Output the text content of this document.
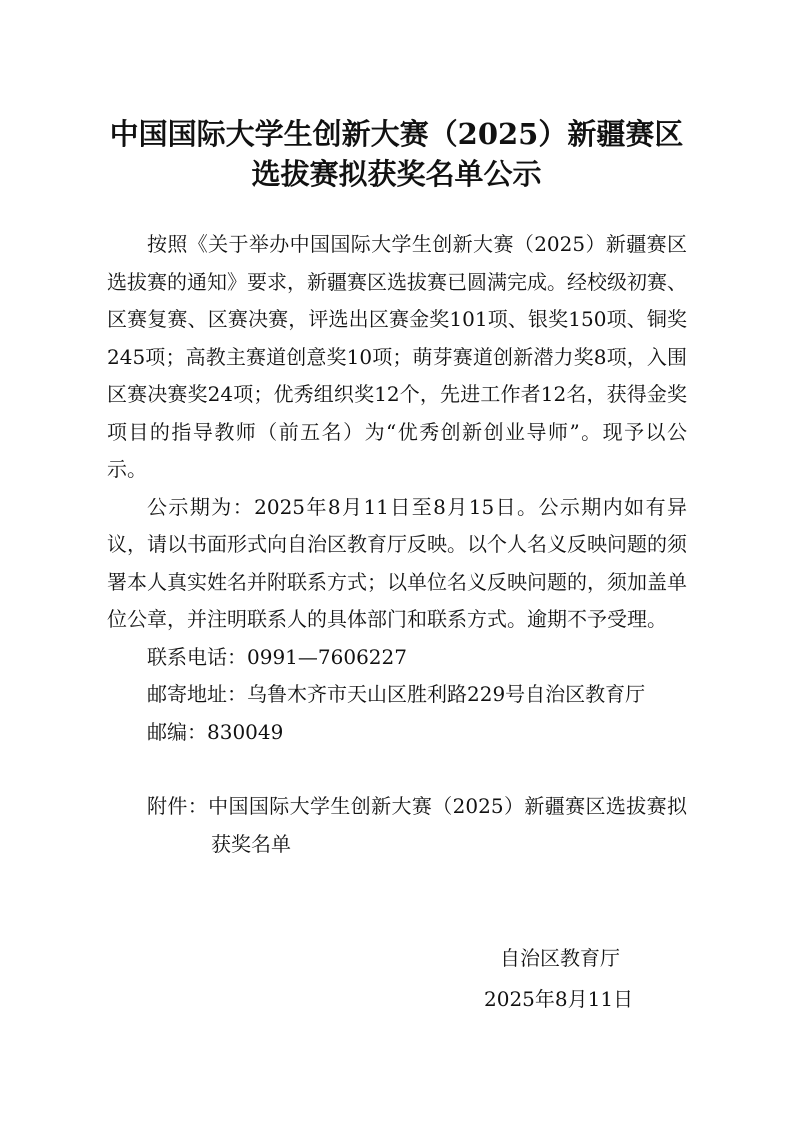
中国国际大学生创新大赛（2025）新疆赛区
选拔赛拟获奖名单公示

按照《关于举办中国国际大学生创新大赛（2025）新疆赛区选拔赛的通知》要求，新疆赛区选拔赛已圆满完成。经校级初赛、区赛复赛、区赛决赛，评选出区赛金奖101项、银奖150项、铜奖245项；高教主赛道创意奖10项；萌芽赛道创新潜力奖8项，入围区赛决赛奖24项；优秀组织奖12个，先进工作者12名，获得金奖项目的指导教师（前五名）为“优秀创新创业导师”。现予以公示。

公示期为：2025年8月11日至8月15日。公示期内如有异议，请以书面形式向自治区教育厅反映。以个人名义反映问题的须署本人真实姓名并附联系方式；以单位名义反映问题的，须加盖单位公章，并注明联系人的具体部门和联系方式。逾期不予受理。

联系电话：0991—7606227

邮寄地址：乌鲁木齐市天山区胜利路229号自治区教育厅

邮编：830049

附件：中国国际大学生创新大赛（2025）新疆赛区选拔赛拟获奖名单

自治区教育厅
2025年8月11日
